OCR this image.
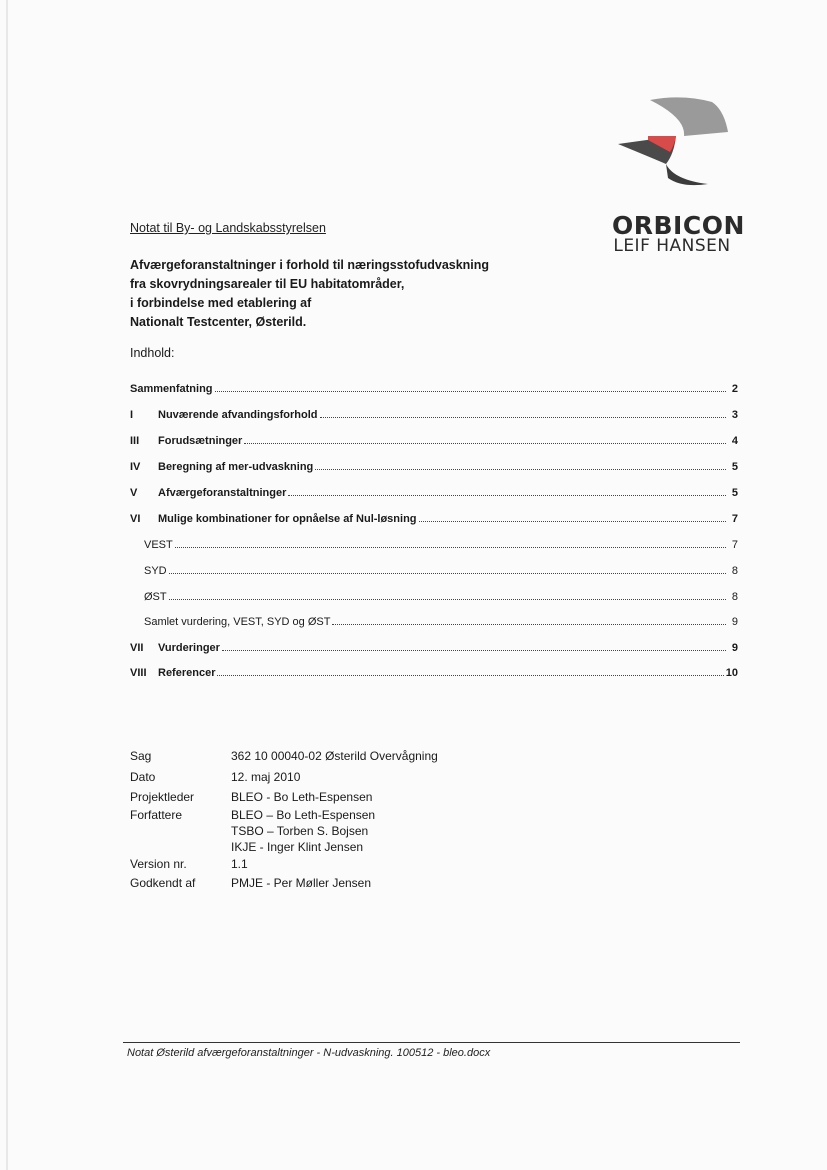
ORBICON
LEIF HANSEN
Notat til By- og Landskabsstyrelsen
Afværgeforanstaltninger i forhold til næringsstofudvaskning
fra skovrydningsarealer til EU habitatområder,
i forbindelse med etablering af
Nationalt Testcenter, Østerild.
Indhold:
Sammenfatning	2
I	Nuværende afvandingsforhold	3
III	Forudsætninger	4
IV	Beregning af mer-udvaskning	5
V	Afværgeforanstaltninger	5
VI	Mulige kombinationer for opnåelse af Nul-løsning	7
VEST	7
SYD	8
ØST	8
Samlet vurdering, VEST, SYD og ØST	9
VII	Vurderinger	9
VIII	Referencer	10
Sag	362 10 00040-02 Østerild Overvågning
Dato	12. maj 2010
Projektleder	BLEO - Bo Leth-Espensen
Forfattere	BLEO – Bo Leth-Espensen
TSBO – Torben S. Bojsen
IKJE - Inger Klint Jensen
Version nr.	1.1
Godkendt af	PMJE - Per Møller Jensen
Notat Østerild afværgeforanstaltninger - N-udvaskning. 100512 - bleo.docx
